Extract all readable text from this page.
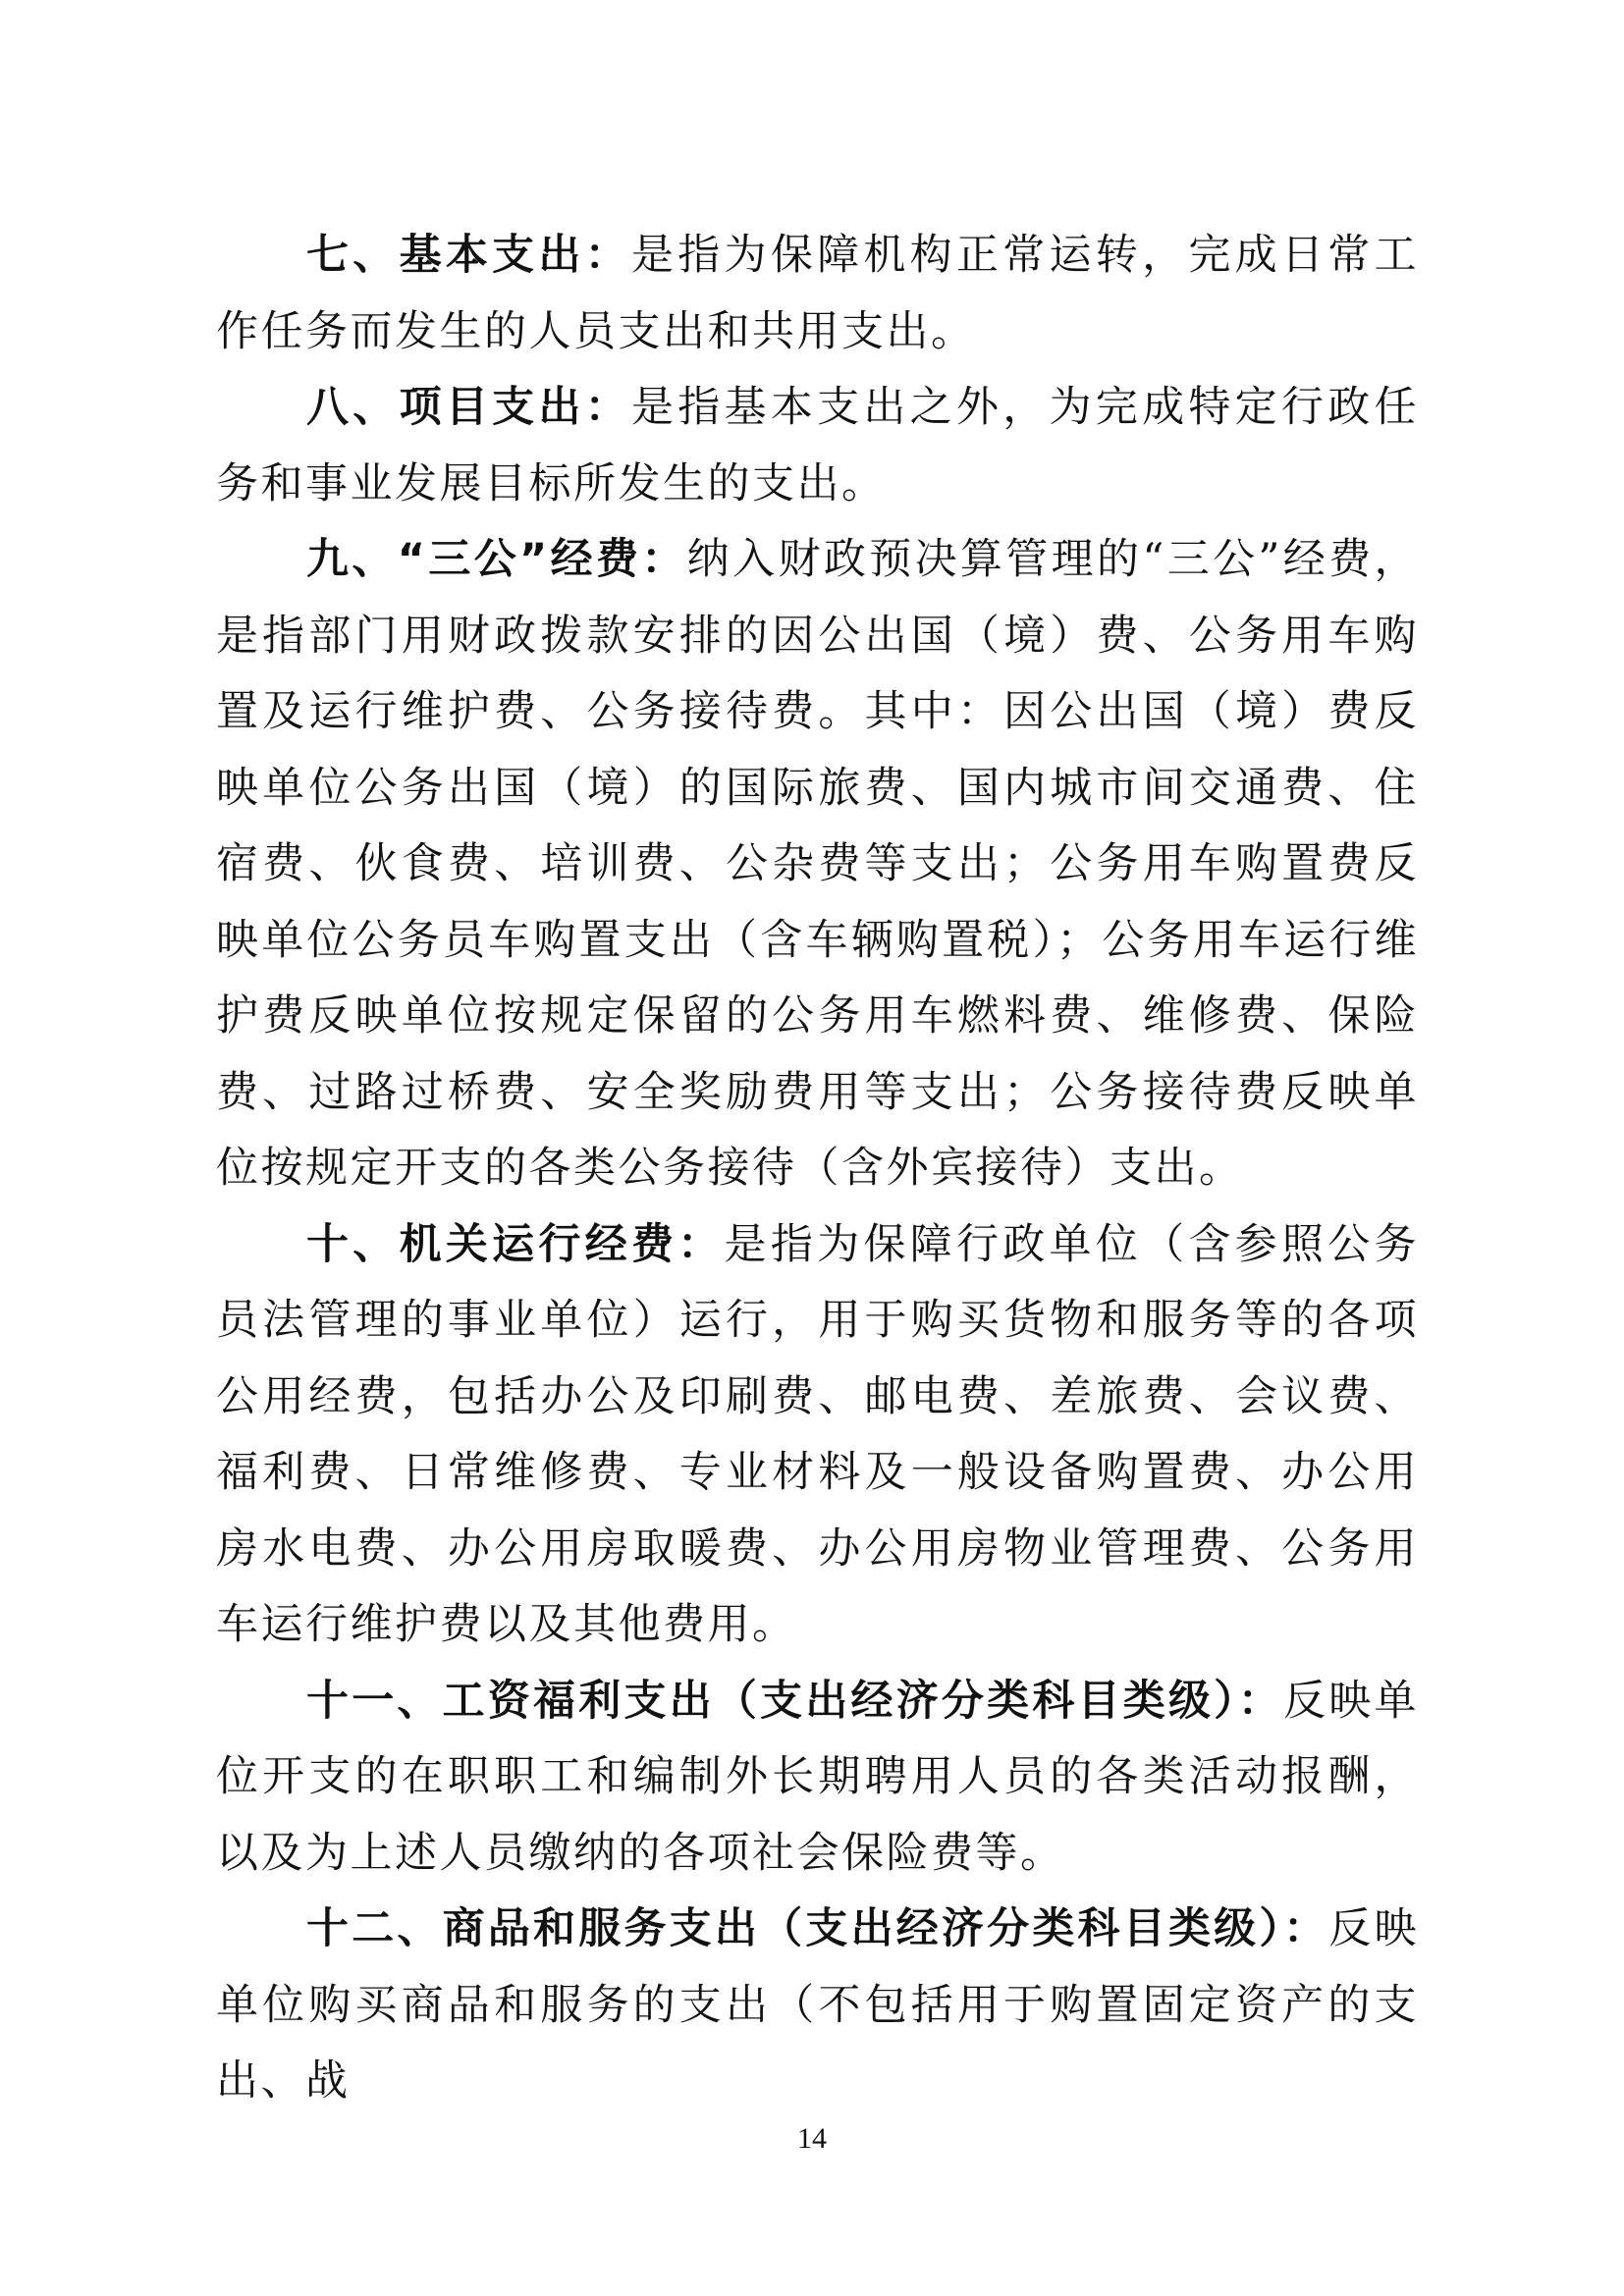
七、基本支出：是指为保障机构正常运转，完成日常工作任务而发生的人员支出和共用支出。

八、项目支出：是指基本支出之外，为完成特定行政任务和事业发展目标所发生的支出。

九、“三公”经费：纳入财政预决算管理的“三公”经费，是指部门用财政拨款安排的因公出国（境）费、公务用车购置及运行维护费、公务接待费。其中：因公出国（境）费反映单位公务出国（境）的国际旅费、国内城市间交通费、住宿费、伙食费、培训费、公杂费等支出；公务用车购置费反映单位公务员车购置支出（含车辆购置税）；公务用车运行维护费反映单位按规定保留的公务用车燃料费、维修费、保险费、过路过桥费、安全奖励费用等支出；公务接待费反映单位按规定开支的各类公务接待（含外宾接待）支出。

十、机关运行经费：是指为保障行政单位（含参照公务员法管理的事业单位）运行，用于购买货物和服务等的各项公用经费，包括办公及印刷费、邮电费、差旅费、会议费、福利费、日常维修费、专业材料及一般设备购置费、办公用房水电费、办公用房取暖费、办公用房物业管理费、公务用车运行维护费以及其他费用。

十一、工资福利支出（支出经济分类科目类级）：反映单位开支的在职职工和编制外长期聘用人员的各类活动报酬，以及为上述人员缴纳的各项社会保险费等。

十二、商品和服务支出（支出经济分类科目类级）：反映单位购买商品和服务的支出（不包括用于购置固定资产的支出、战

14
